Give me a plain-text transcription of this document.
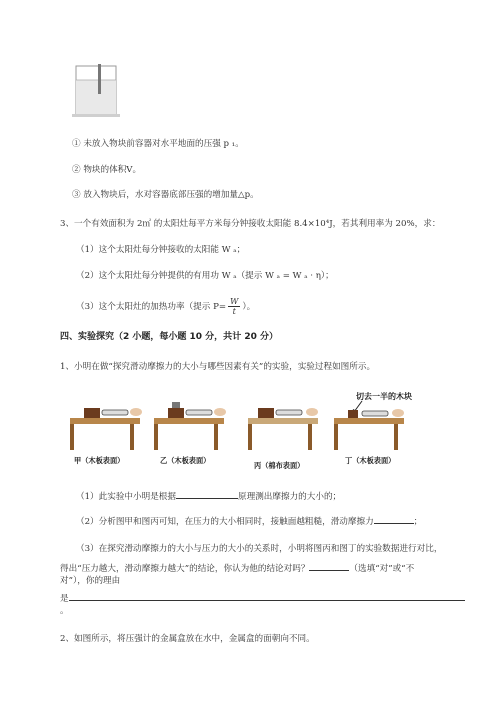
① 未放入物块前容器对水平地面的压强 p ₁。
② 物块的体积V。
③ 放入物块后，水对容器底部压强的增加量△p。
3、一个有效面积为 2㎡ 的太阳灶每平方米每分钟接收太阳能 8.4×10⁴J，若其利用率为 20%，求：
（1）这个太阳灶每分钟接收的太阳能 W ₐ；
（2）这个太阳灶每分钟提供的有用功 W ₐ（提示 W ₐ = W ₐ · η）；
（3）这个太阳灶的加热功率（提示 $P= \frac{W}{t}$ ）。
四、实验探究（2 小题，每小题 10 分，共计 20 分）
1、小明在做“探究滑动摩擦力的大小与哪些因素有关”的实验，实验过程如图所示。
切去一半的木块
甲（木板表面）	乙（木板表面）
丙（棉布表面）
丁（木板表面）
（1）此实验中小明是根据	原理测出摩擦力的大小的；
（2）分析图甲和图丙可知，在压力的大小相同时，接触面越粗糙，滑动摩擦力	；
（3）在探究滑动摩擦力的大小与压力的大小的关系时，小明将图丙和图丁的实验数据进行对比，
得出“压力越大，滑动摩擦力越大”的结论，你认为他的结论对吗？	（选填“对”或“不
对”），你的理由
是
。
2、如图所示，将压强计的金属盒放在水中，金属盒的面朝向不同。
